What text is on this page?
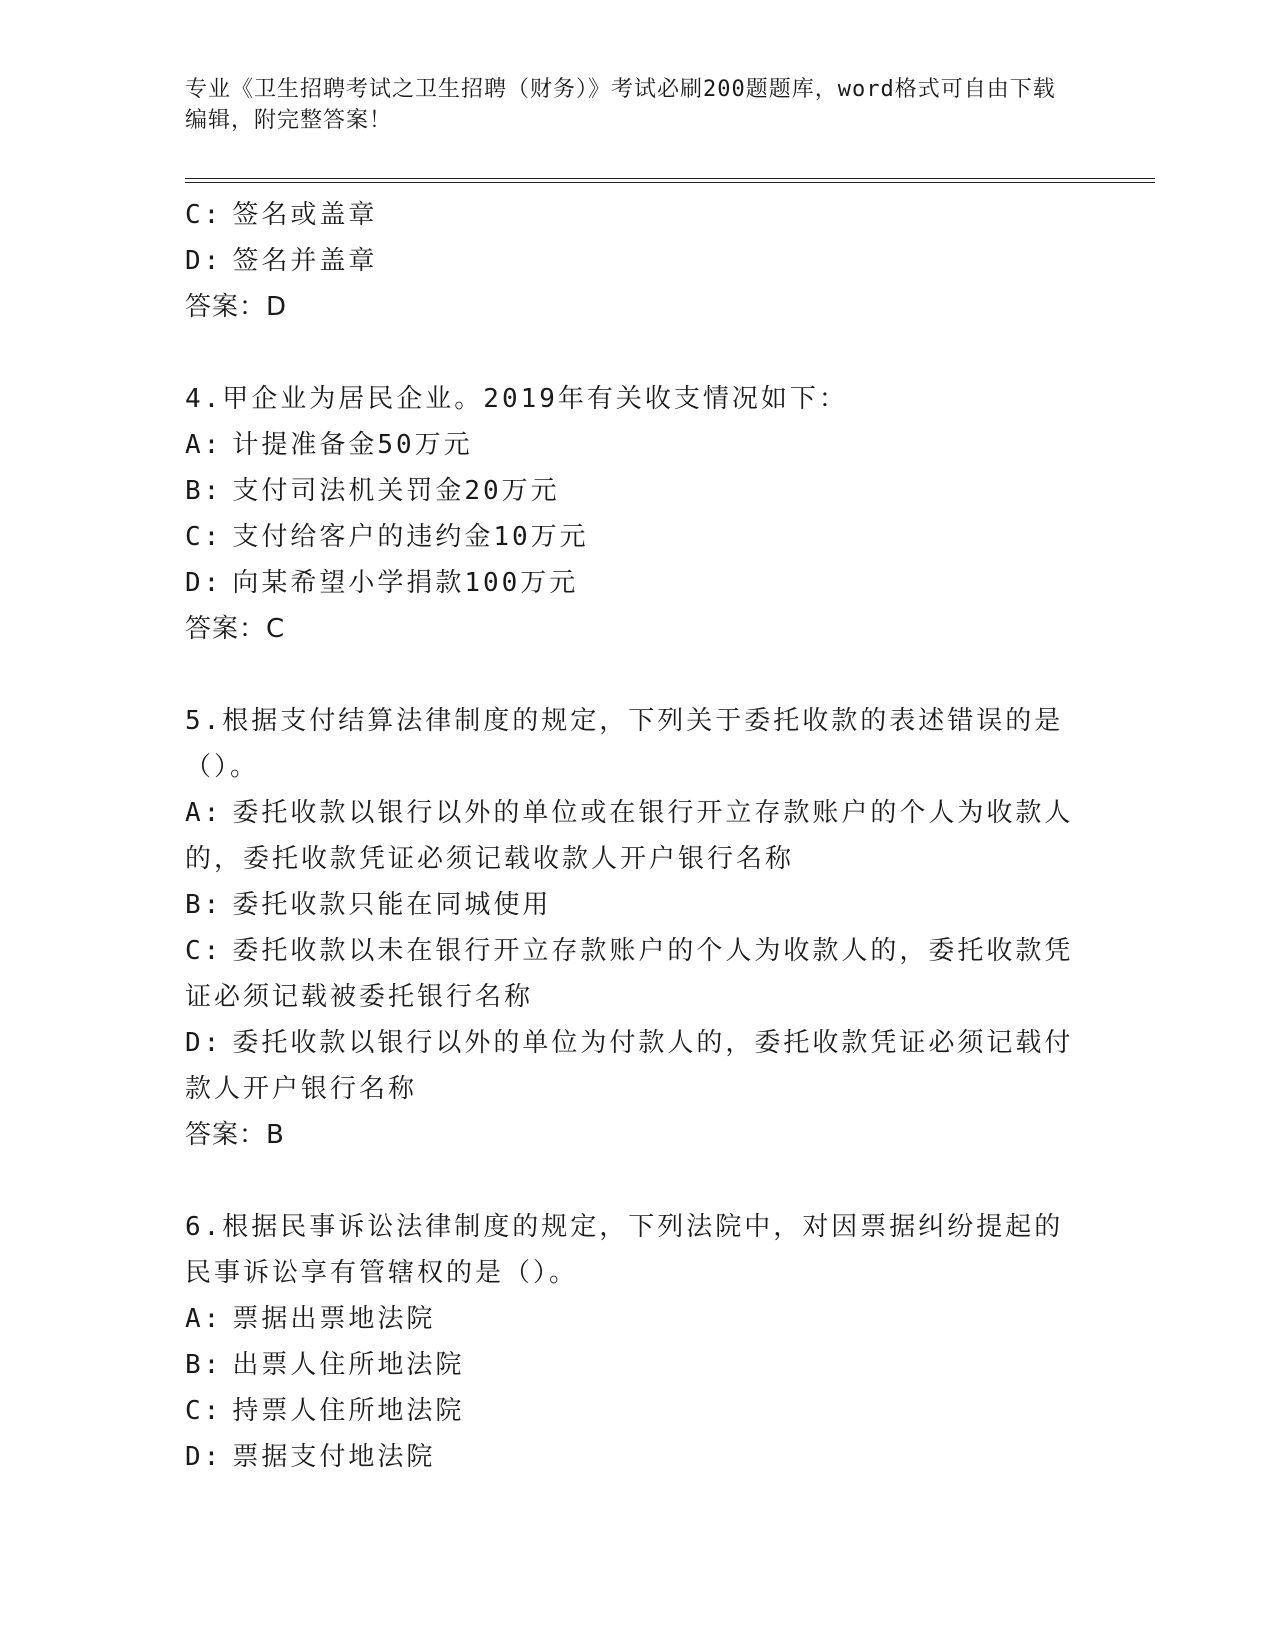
专业《卫生招聘考试之卫生招聘（财务）》考试必刷200题题库，word格式可自由下载编辑，附完整答案！

C: 签名或盖章

D: 签名并盖章

答案：D

4.甲企业为居民企业。2019年有关收支情况如下：

A: 计提准备金50万元

B: 支付司法机关罚金20万元

C: 支付给客户的违约金10万元

D: 向某希望小学捐款100万元

答案：C

5.根据支付结算法律制度的规定，下列关于委托收款的表述错误的是（）。

A: 委托收款以银行以外的单位或在银行开立存款账户的个人为收款人的，委托收款凭证必须记载收款人开户银行名称

B: 委托收款只能在同城使用

C: 委托收款以未在银行开立存款账户的个人为收款人的，委托收款凭证必须记载被委托银行名称

D: 委托收款以银行以外的单位为付款人的，委托收款凭证必须记载付款人开户银行名称

答案：B

6.根据民事诉讼法律制度的规定，下列法院中，对因票据纠纷提起的民事诉讼享有管辖权的是（）。

A: 票据出票地法院

B: 出票人住所地法院

C: 持票人住所地法院

D: 票据支付地法院
